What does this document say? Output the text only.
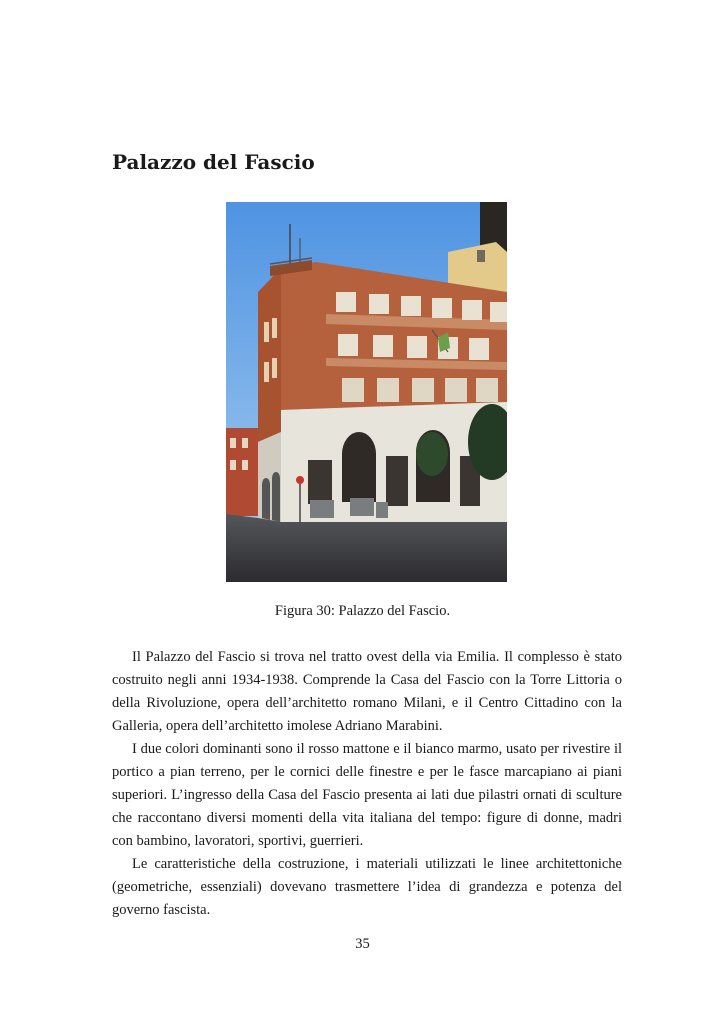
Palazzo del Fascio
Figura 30: Palazzo del Fascio.

Il Palazzo del Fascio si trova nel tratto ovest della via Emilia. Il complesso è stato costruito negli anni 1934-1938. Comprende la Casa del Fascio con la Torre Littoria o della Rivoluzione, opera dell’architetto romano Milani, e il Centro Cittadino con la Galleria, opera dell’architetto imolese Adriano Marabini.

I due colori dominanti sono il rosso mattone e il bianco marmo, usato per rivestire il portico a pian terreno, per le cornici delle finestre e per le fasce marcapiano ai piani superiori. L’ingresso della Casa del Fascio presenta ai lati due pilastri ornati di sculture che raccontano diversi momenti della vita italiana del tempo: figure di donne, madri con bambino, lavoratori, sportivi, guerrieri.

Le caratteristiche della costruzione, i materiali utilizzati le linee architettoniche (geometriche, essenziali) dovevano trasmettere l’idea di grandezza e potenza del governo fascista.

35
